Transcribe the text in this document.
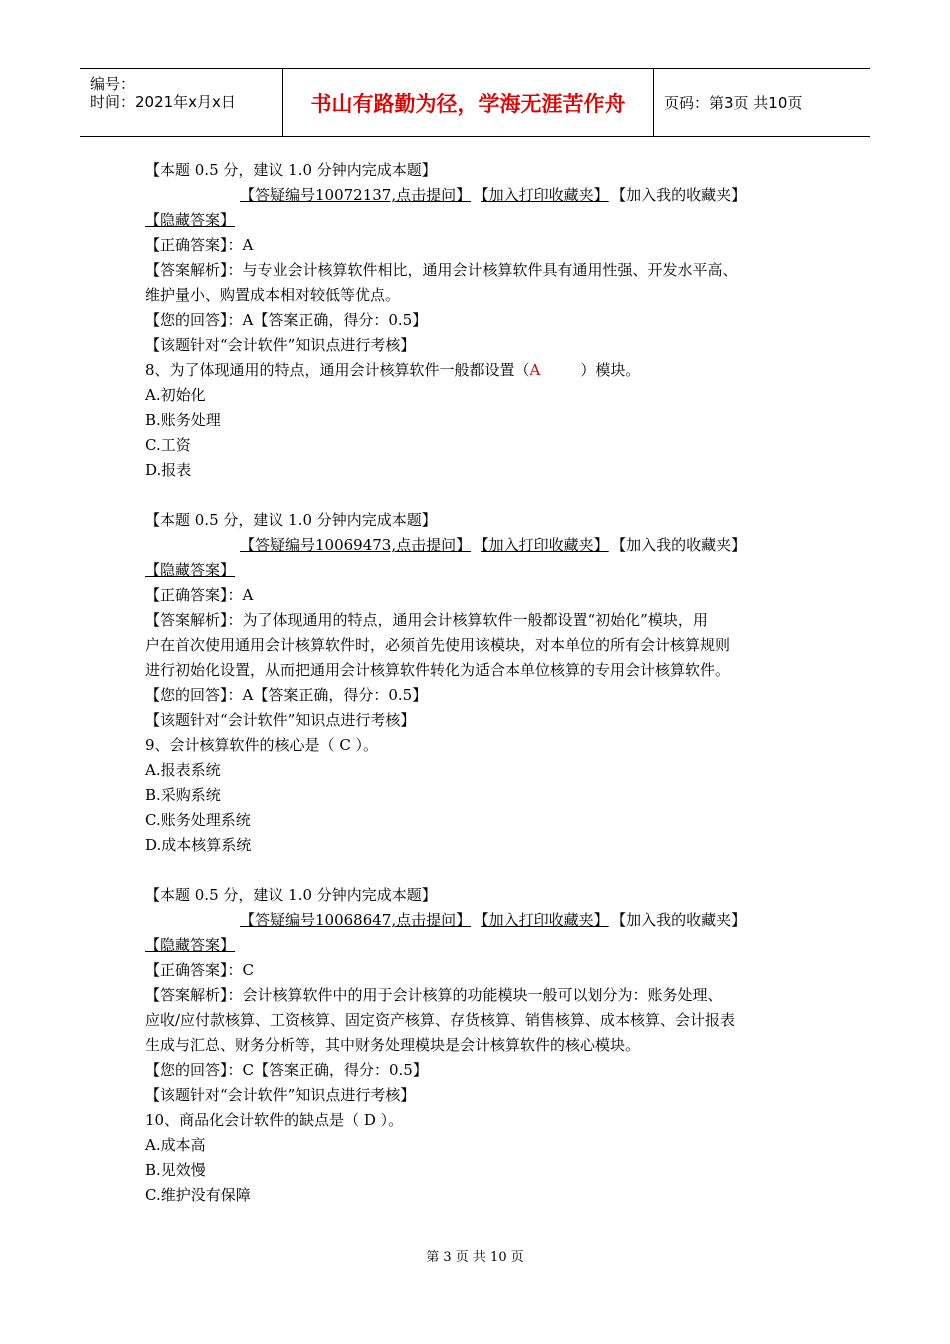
编号：
时间：2021年x月x日	书山有路勤为径，学海无涯苦作舟	页码：第3页 共10页
【本题 0.5 分，建议 1.0 分钟内完成本题】
【答疑编号10072137,点击提问】 【加入打印收藏夹】 【加入我的收藏夹】
【隐藏答案】
【正确答案】：A
【答案解析】：与专业会计核算软件相比，通用会计核算软件具有通用性强、开发水平高、
维护量小、购置成本相对较低等优点。
【您的回答】：A【答案正确，得分：0.5】
【该题针对“会计软件”知识点进行考核】
8、为了体现通用的特点，通用会计核算软件一般都设置（A	）模块。
A.初始化
B.账务处理
C.工资
D.报表
【本题 0.5 分，建议 1.0 分钟内完成本题】
【答疑编号10069473,点击提问】 【加入打印收藏夹】 【加入我的收藏夹】
【隐藏答案】
【正确答案】：A
【答案解析】：为了体现通用的特点，通用会计核算软件一般都设置“初始化”模块，用
户在首次使用通用会计核算软件时，必须首先使用该模块，对本单位的所有会计核算规则
进行初始化设置，从而把通用会计核算软件转化为适合本单位核算的专用会计核算软件。
【您的回答】：A【答案正确，得分：0.5】
【该题针对“会计软件”知识点进行考核】
9、会计核算软件的核心是（ C ）。
A.报表系统
B.采购系统
C.账务处理系统
D.成本核算系统
【本题 0.5 分，建议 1.0 分钟内完成本题】
【答疑编号10068647,点击提问】 【加入打印收藏夹】 【加入我的收藏夹】
【隐藏答案】
【正确答案】：C
【答案解析】：会计核算软件中的用于会计核算的功能模块一般可以划分为：账务处理、
应收/应付款核算、工资核算、固定资产核算、存货核算、销售核算、成本核算、会计报表
生成与汇总、财务分析等，其中财务处理模块是会计核算软件的核心模块。
【您的回答】：C【答案正确，得分：0.5】
【该题针对“会计软件”知识点进行考核】
10、商品化会计软件的缺点是（ D ）。
A.成本高
B.见效慢
C.维护没有保障
第 3 页 共 10 页
